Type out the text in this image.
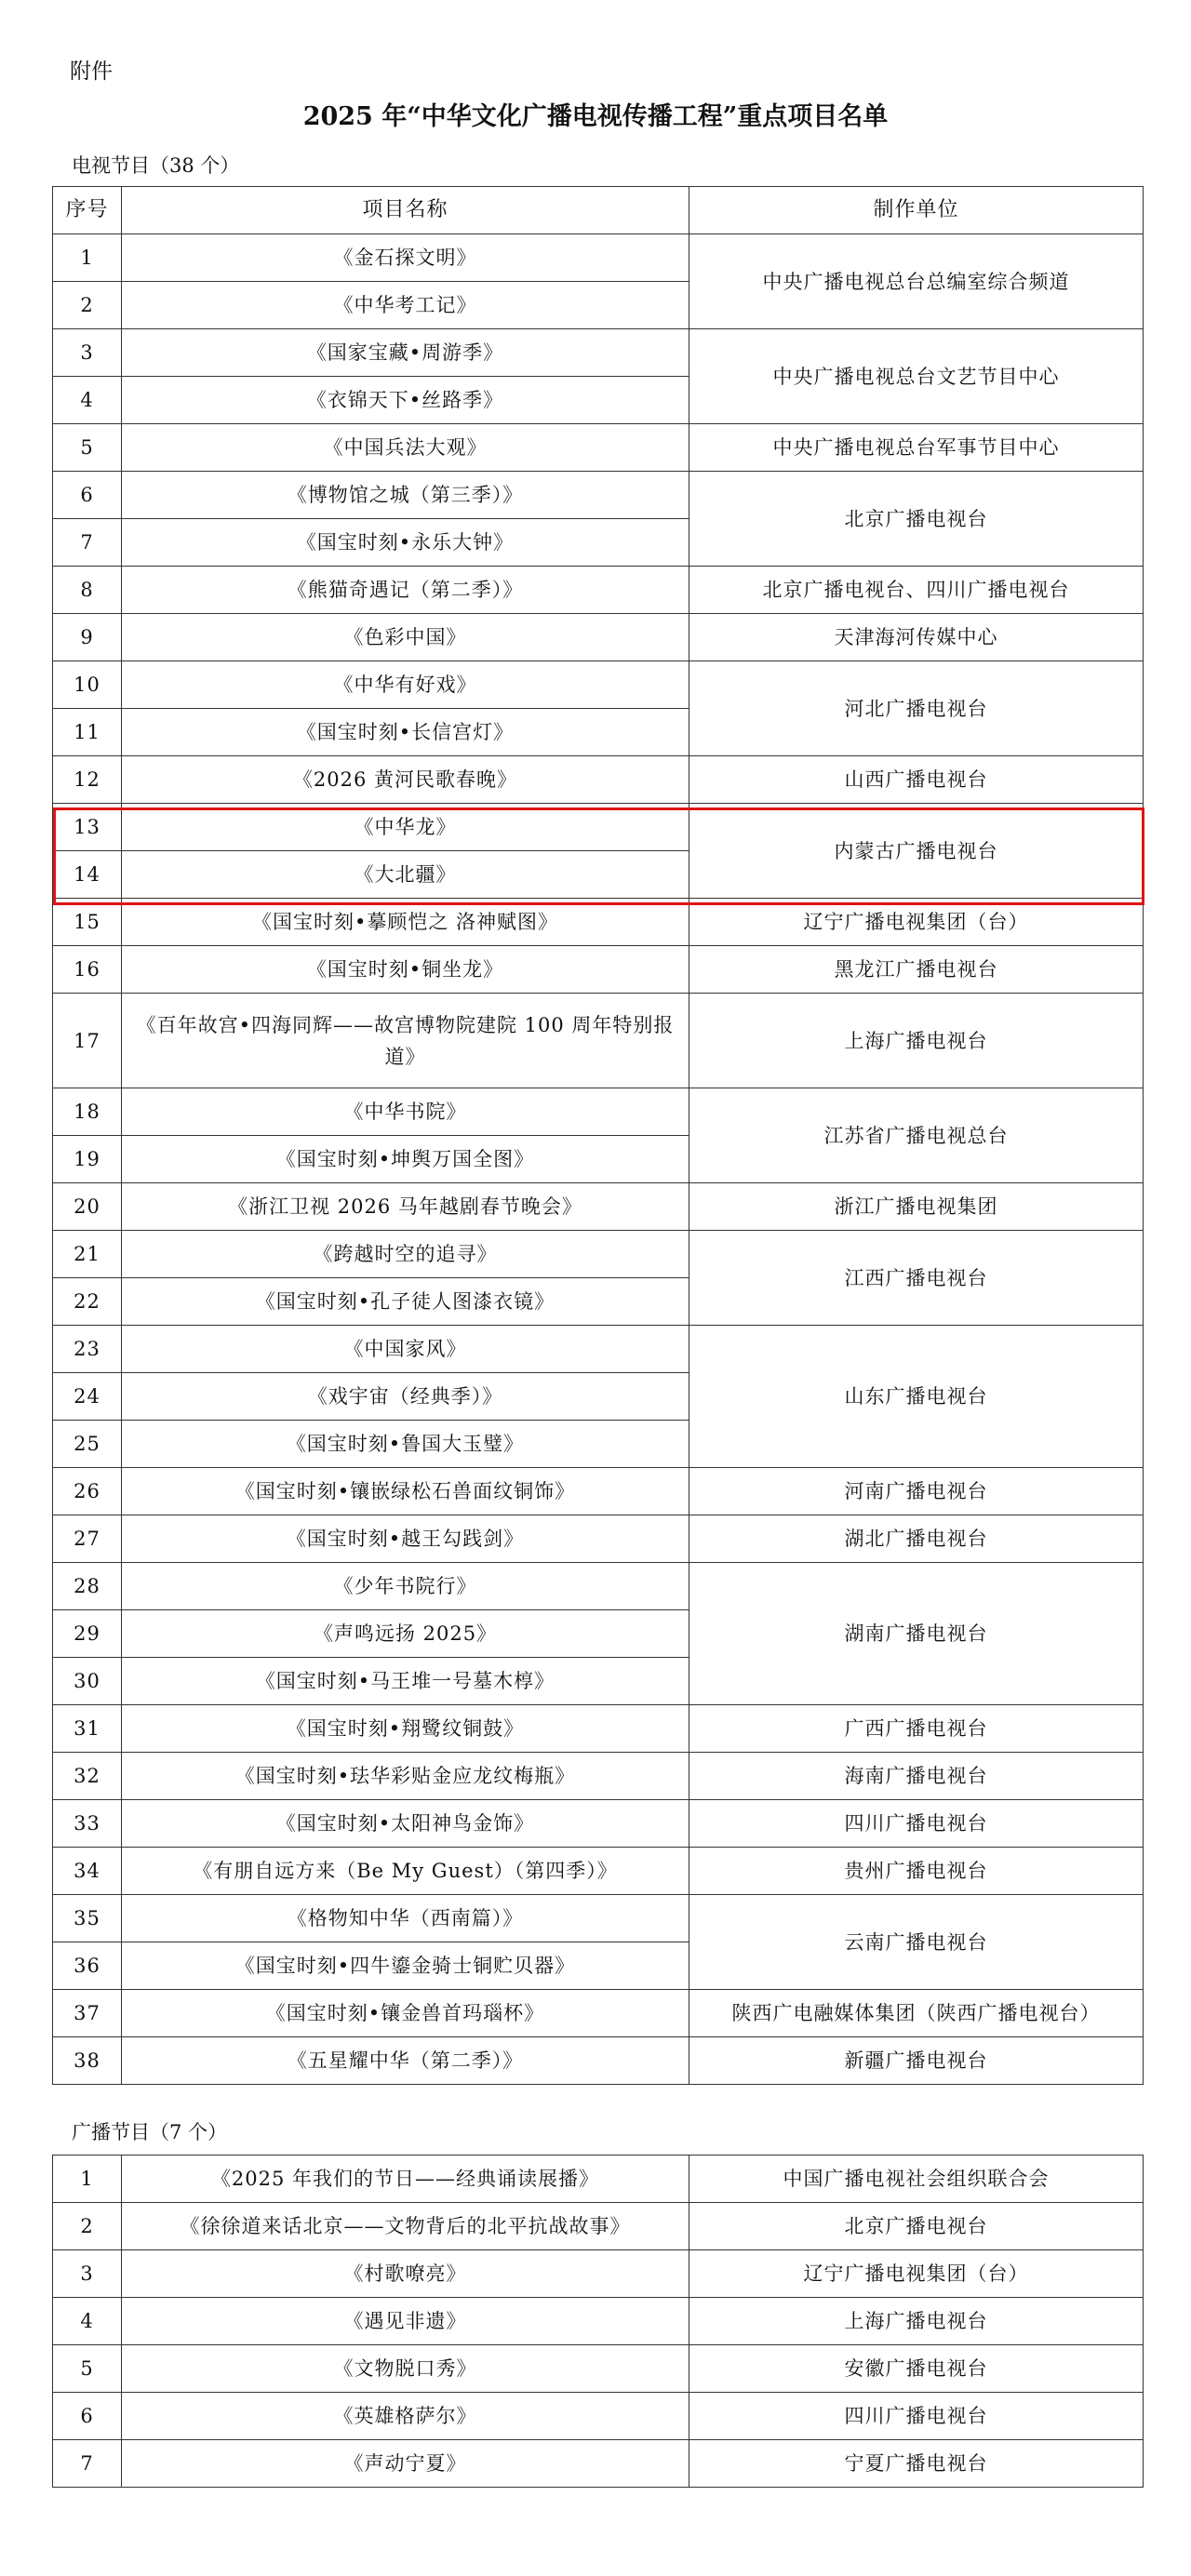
附件
2025 年“中华文化广播电视传播工程”重点项目名单
电视节目（38 个）
序号	项目名称	制作单位
1	《金石探文明》	中央广播电视总台总编室综合频道
2	《中华考工记》	
3	《国家宝藏•周游季》	中央广播电视总台文艺节目中心
4	《衣锦天下•丝路季》	
5	《中国兵法大观》	中央广播电视总台军事节目中心
6	《博物馆之城（第三季）》	北京广播电视台
7	《国宝时刻•永乐大钟》	
8	《熊猫奇遇记（第二季）》	北京广播电视台、四川广播电视台
9	《色彩中国》	天津海河传媒中心
10	《中华有好戏》	河北广播电视台
11	《国宝时刻•长信宫灯》	
12	《2026 黄河民歌春晚》	山西广播电视台
13	《中华龙》	内蒙古广播电视台
14	《大北疆》	
15	《国宝时刻•摹顾恺之 洛神赋图》	辽宁广播电视集团（台）
16	《国宝时刻•铜坐龙》	黑龙江广播电视台
17	《百年故宫•四海同辉——故宫博物院建院 100 周年特别报道》	上海广播电视台
18	《中华书院》	江苏省广播电视总台
19	《国宝时刻•坤舆万国全图》	
20	《浙江卫视 2026 马年越剧春节晚会》	浙江广播电视集团
21	《跨越时空的追寻》	江西广播电视台
22	《国宝时刻•孔子徒人图漆衣镜》	
23	《中国家风》	山东广播电视台
24	《戏宇宙（经典季）》	
25	《国宝时刻•鲁国大玉璧》	
26	《国宝时刻•镶嵌绿松石兽面纹铜饰》	河南广播电视台
27	《国宝时刻•越王勾践剑》	湖北广播电视台
28	《少年书院行》	湖南广播电视台
29	《声鸣远扬 2025》	
30	《国宝时刻•马王堆一号墓木椁》	
31	《国宝时刻•翔鹭纹铜鼓》	广西广播电视台
32	《国宝时刻•珐华彩贴金应龙纹梅瓶》	海南广播电视台
33	《国宝时刻•太阳神鸟金饰》	四川广播电视台
34	《有朋自远方来（Be My Guest）（第四季）》	贵州广播电视台
35	《格物知中华（西南篇）》	云南广播电视台
36	《国宝时刻•四牛鎏金骑士铜贮贝器》	
37	《国宝时刻•镶金兽首玛瑙杯》	陕西广电融媒体集团（陕西广播电视台）
38	《五星耀中华（第二季）》	新疆广播电视台
广播节目（7 个）
1	《2025 年我们的节日——经典诵读展播》	中国广播电视社会组织联合会
2	《徐徐道来话北京——文物背后的北平抗战故事》	北京广播电视台
3	《村歌嘹亮》	辽宁广播电视集团（台）
4	《遇见非遗》	上海广播电视台
5	《文物脱口秀》	安徽广播电视台
6	《英雄格萨尔》	四川广播电视台
7	《声动宁夏》	宁夏广播电视台
